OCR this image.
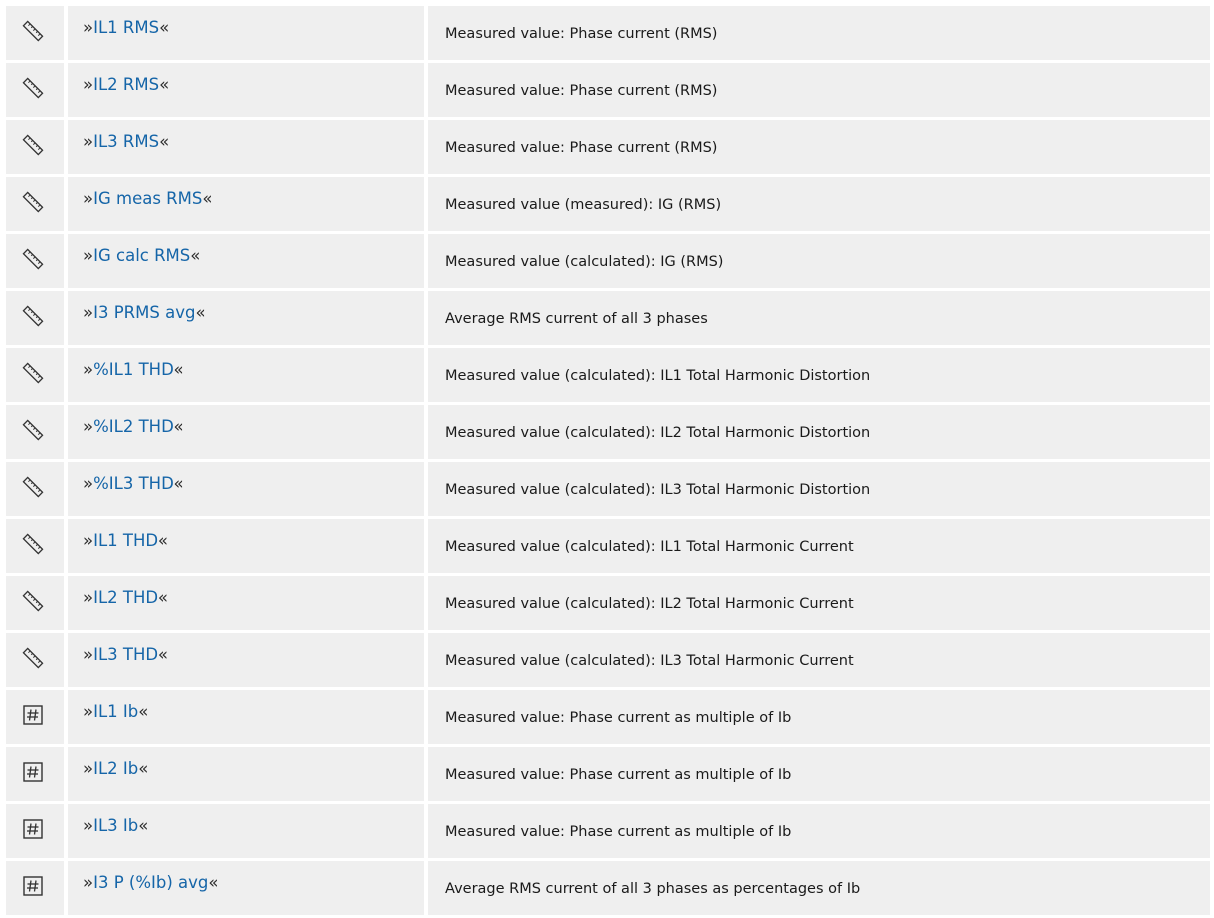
»IL1 RMS«	Measured value: Phase current (RMS)
»IL2 RMS«	Measured value: Phase current (RMS)
»IL3 RMS«	Measured value: Phase current (RMS)
»IG meas RMS«	Measured value (measured): IG (RMS)
»IG calc RMS«	Measured value (calculated): IG (RMS)
»I3 PRMS avg«	Average RMS current of all 3 phases
»%IL1 THD«	Measured value (calculated): IL1 Total Harmonic Distortion
»%IL2 THD«	Measured value (calculated): IL2 Total Harmonic Distortion
»%IL3 THD«	Measured value (calculated): IL3 Total Harmonic Distortion
»IL1 THD«	Measured value (calculated): IL1 Total Harmonic Current
»IL2 THD«	Measured value (calculated): IL2 Total Harmonic Current
»IL3 THD«	Measured value (calculated): IL3 Total Harmonic Current
»IL1 Ib«	Measured value: Phase current as multiple of Ib
»IL2 Ib«	Measured value: Phase current as multiple of Ib
»IL3 Ib«	Measured value: Phase current as multiple of Ib
»I3 P (%Ib) avg«	Average RMS current of all 3 phases as percentages of Ib
